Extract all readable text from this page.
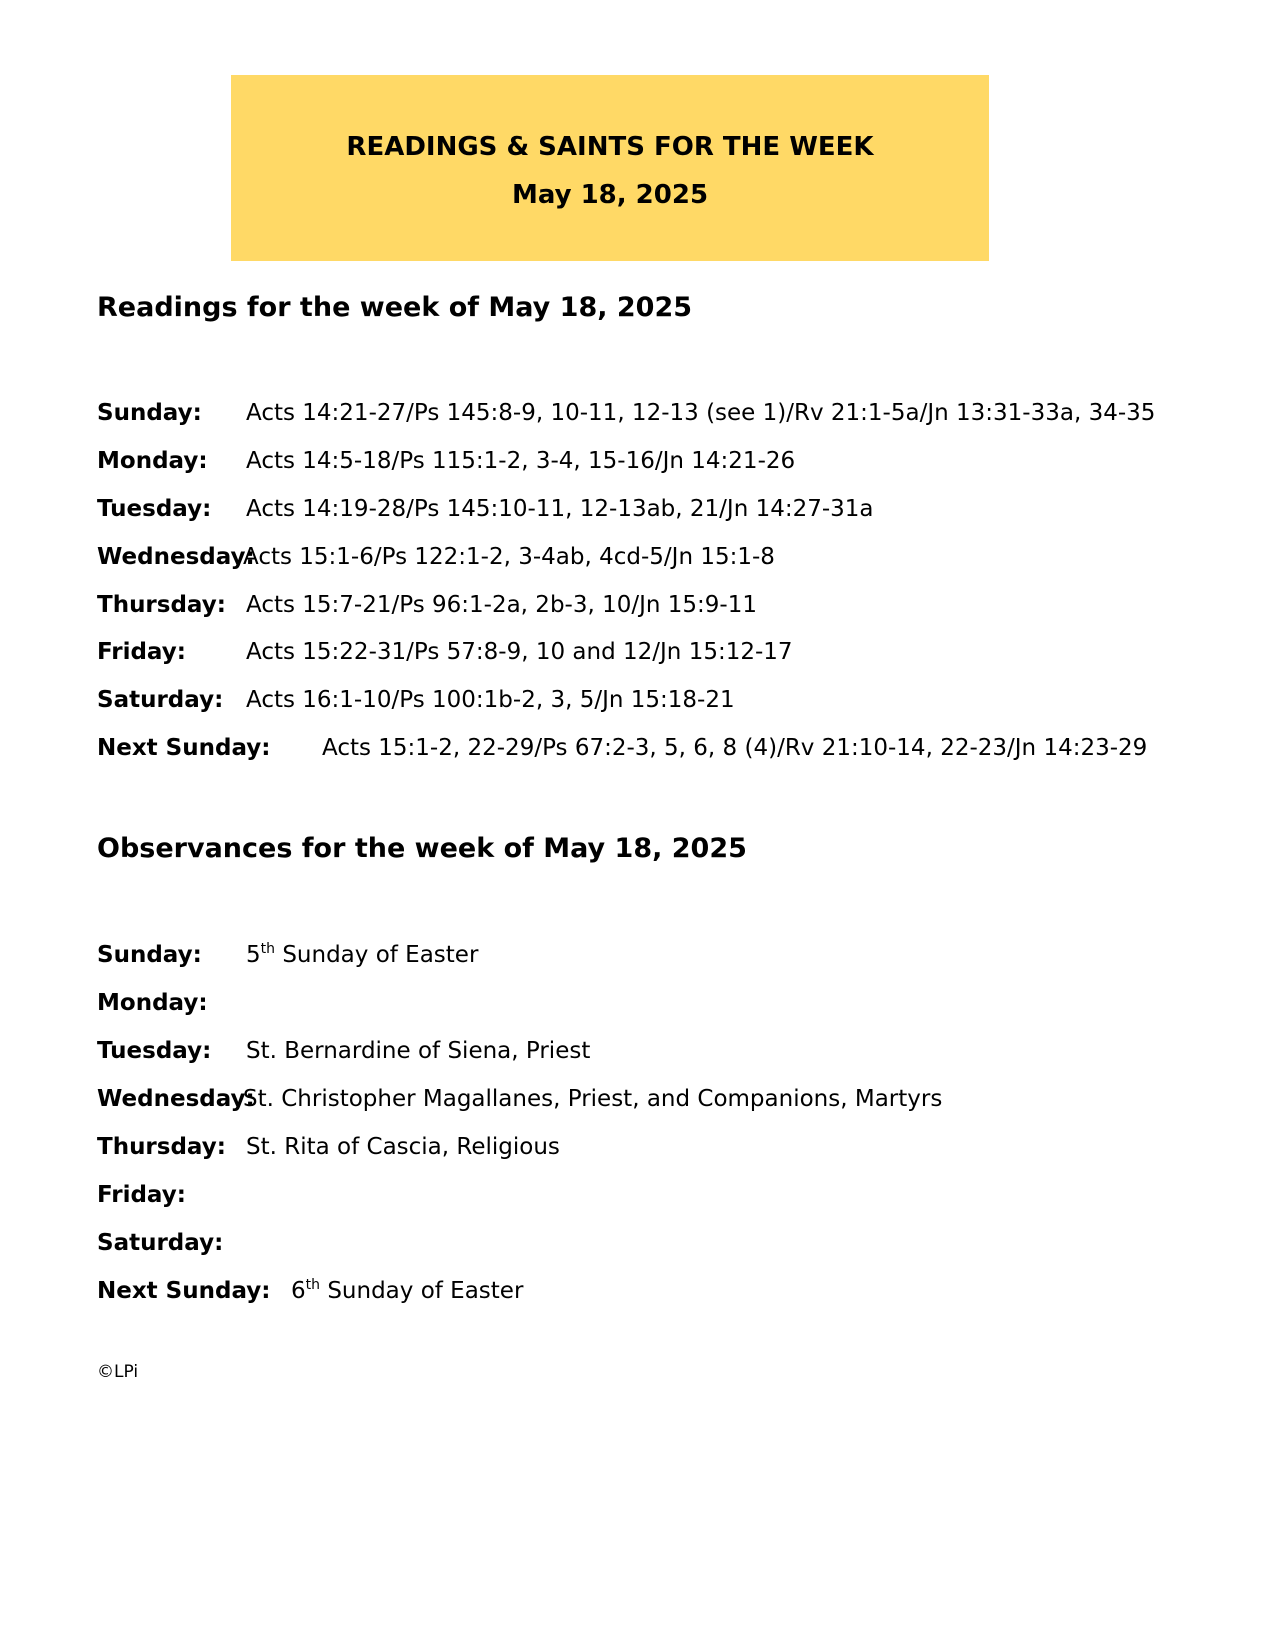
READINGS & SAINTS FOR THE WEEK
May 18, 2025
Readings for the week of May 18, 2025
Sunday: Acts 14:21-27/Ps 145:8-9, 10-11, 12-13 (see 1)/Rv 21:1-5a/Jn 13:31-33a, 34-35
Monday: Acts 14:5-18/Ps 115:1-2, 3-4, 15-16/Jn 14:21-26
Tuesday: Acts 14:19-28/Ps 145:10-11, 12-13ab, 21/Jn 14:27-31a
Wednesday:
Acts 15:1-6/Ps 122:1-2, 3-4ab, 4cd-5/Jn 15:1-8
Thursday: Acts 15:7-21/Ps 96:1-2a, 2b-3, 10/Jn 15:9-11
Friday:	Acts 15:22-31/Ps 57:8-9, 10 and 12/Jn 15:12-17
Saturday: Acts 16:1-10/Ps 100:1b-2, 3, 5/Jn 15:18-21
Next Sunday: Acts 15:1-2, 22-29/Ps 67:2-3, 5, 6, 8 (4)/Rv 21:10-14, 22-23/Jn 14:23-29
Observances for the week of May 18, 2025
Sunday: 5th Sunday of Easter
Monday:
Tuesday: St. Bernardine of Siena, Priest
Wednesday:
St. Christopher Magallanes, Priest, and Companions, Martyrs
Thursday: St. Rita of Cascia, Religious
Friday:
Saturday:
Next Sunday: 6th Sunday of Easter
©LPi
